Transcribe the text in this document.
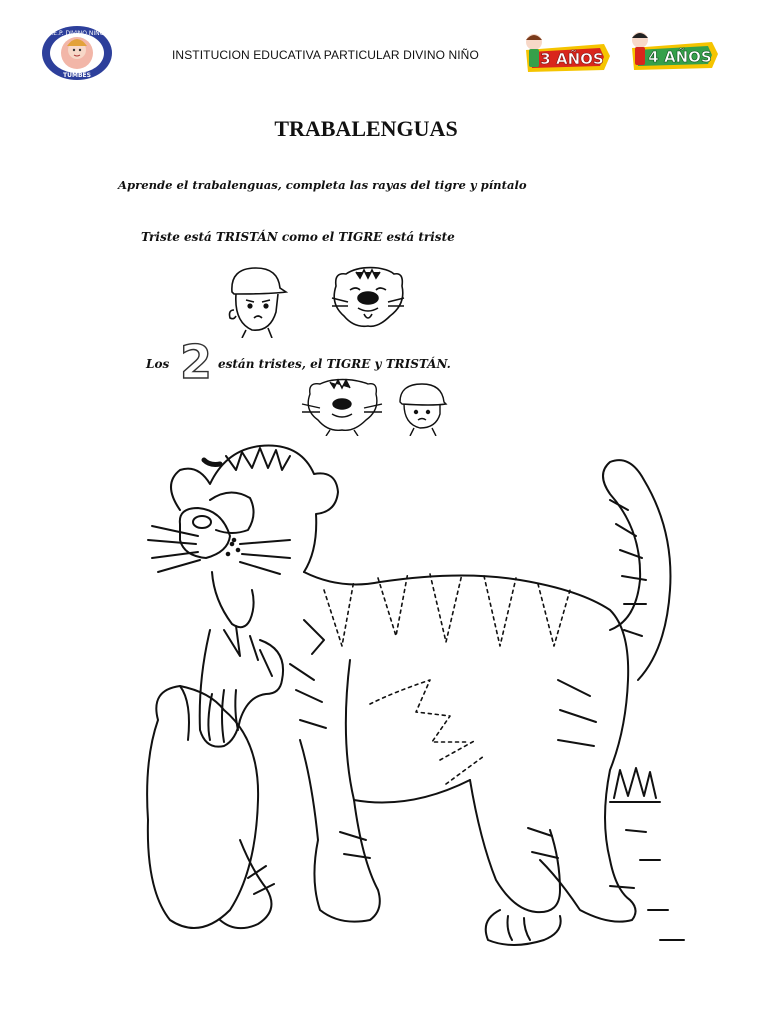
I.E.P. DIVINO NIÑO
TUMBES
INSTITUCION EDUCATIVA PARTICULAR DIVINO NIÑO	3 AÑOS	4 AÑOS
TRABALENGUAS
Aprende el trabalenguas, completa las rayas del tigre y píntalo
Triste está TRISTÁN como el TIGRE está triste
Los 2 están tristes, el TIGRE y TRISTÁN.
